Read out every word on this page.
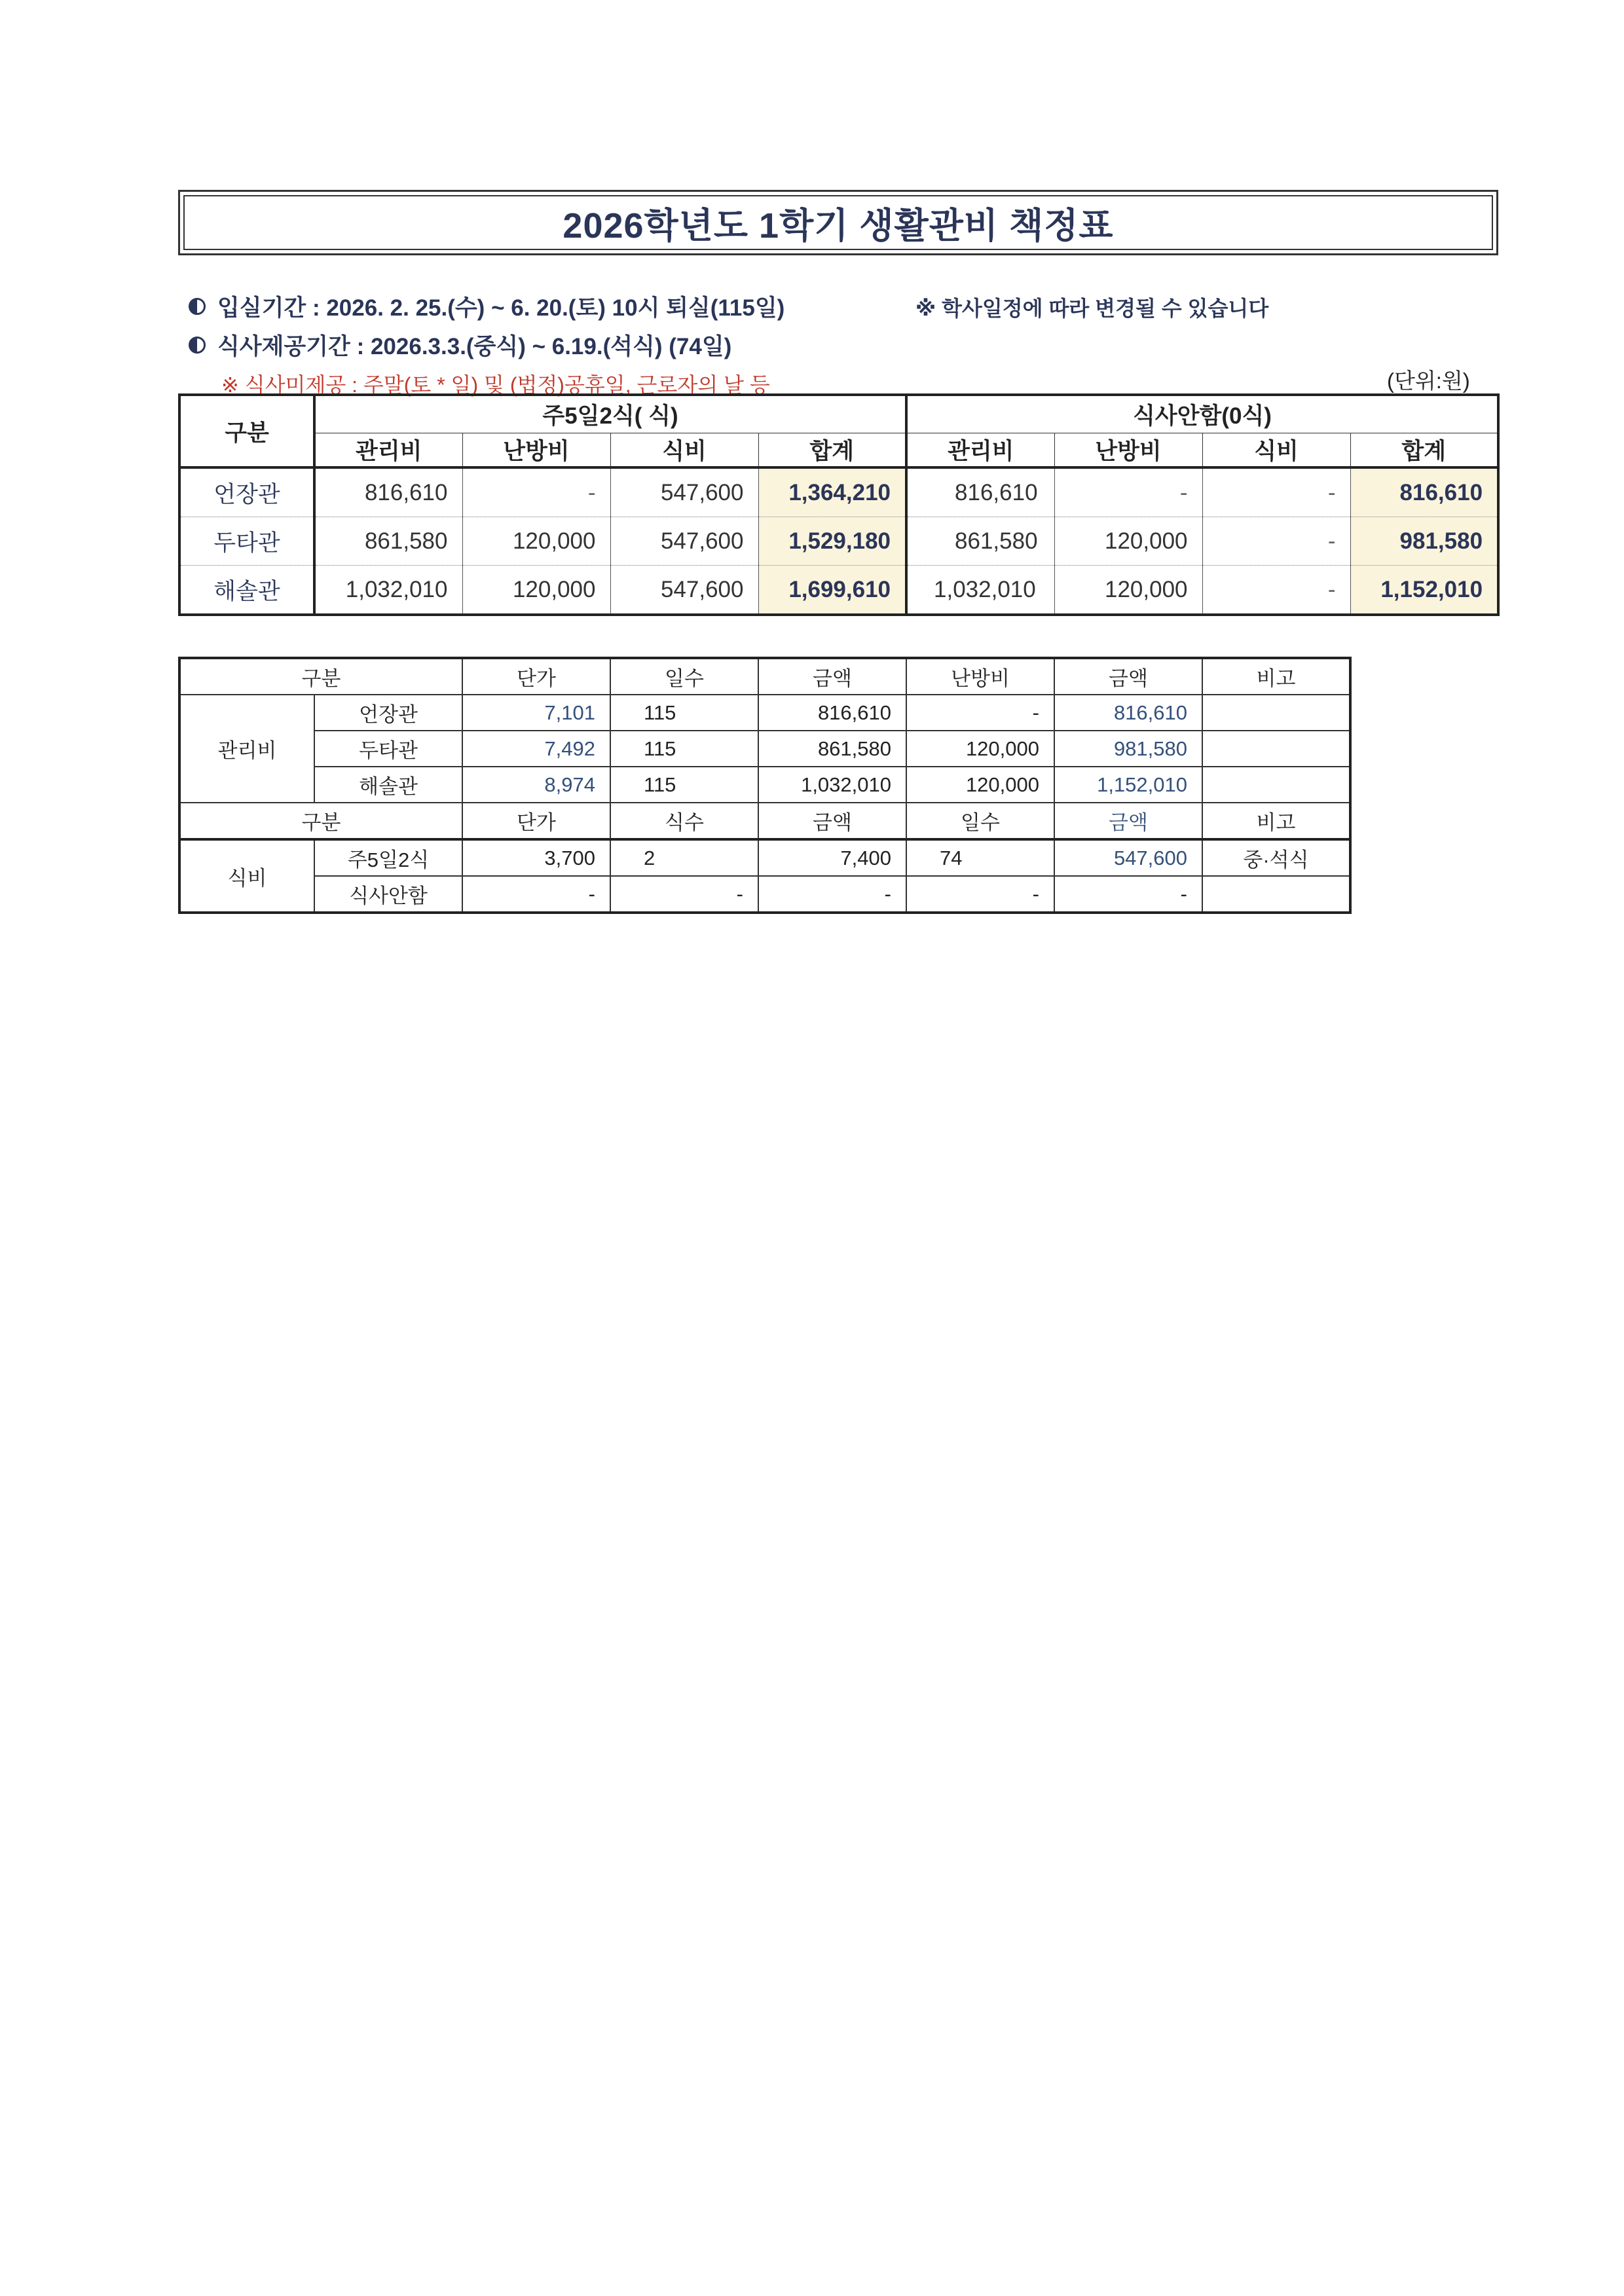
2026학년도 1학기 생활관비 책정표
입실기간 : 2026. 2. 25.(수) ~ 6. 20.(토) 10시 퇴실(115일)	※ 학사일정에 따라 변경될 수 있습니다
식사제공기간 : 2026.3.3.(중식) ~ 6.19.(석식) (74일)
※ 식사미제공 : 주말(토 * 일) 및 (법정)공휴일, 근로자의 날 등	(단위:원)
구분	주5일2식( 식)				식사안함(0식)			
	관리비	난방비	식비	합계	관리비	난방비	식비	합계
언장관	816,610	-	547,600	1,364,210	816,610	-	-	816,610
두타관	861,580	120,000	547,600	1,529,180	861,580	120,000	-	981,580
해솔관	1,032,010	120,000	547,600	1,699,610	1,032,010	120,000	-	1,152,010
구분		단가	일수	금액	난방비	금액	비고
관리비	언장관	7,101	115	816,610	-	816,610	
	두타관	7,492	115	861,580	120,000	981,580	
	해솔관	8,974	115	1,032,010	120,000	1,152,010	
구분		단가	식수	금액	일수	금액	비고
식비	주5일2식	3,700	2	7,400	74	547,600	중·석식
	식사안함	-	-	-	-	-	
